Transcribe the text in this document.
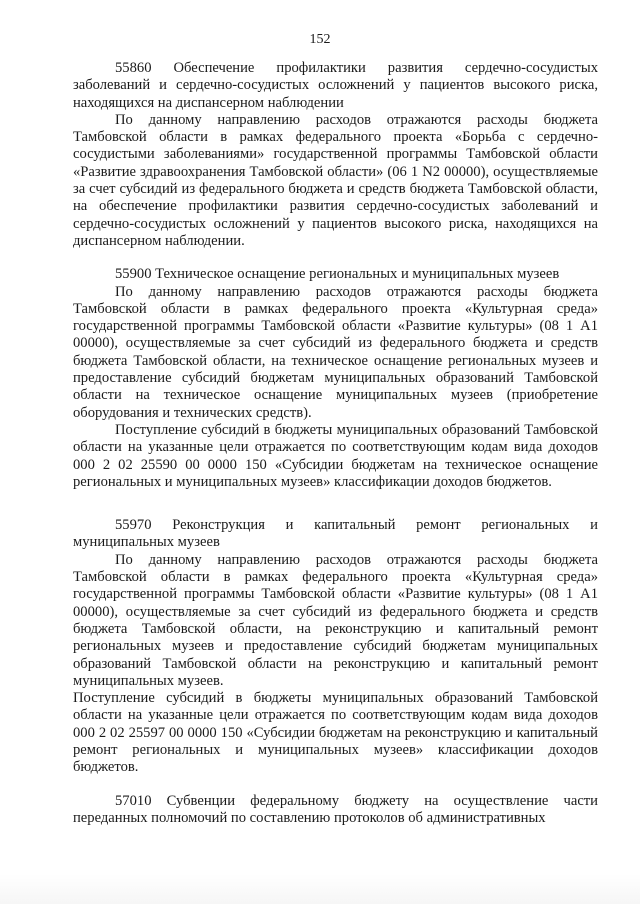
152

55860 Обеспечение профилактики развития сердечно-сосудистых заболеваний и сердечно-сосудистых осложнений у пациентов высокого риска, находящихся на диспансерном наблюдении

По данному направлению расходов отражаются расходы бюджета Тамбовской области в рамках федерального проекта «Борьба с сердечно-сосудистыми заболеваниями» государственной программы Тамбовской области «Развитие здравоохранения Тамбовской области» (06 1 N2 00000), осуществляемые за счет субсидий из федерального бюджета и средств бюджета Тамбовской области, на обеспечение профилактики развития сердечно-сосудистых заболеваний и сердечно-сосудистых осложнений у пациентов высокого риска, находящихся на диспансерном наблюдении.

55900 Техническое оснащение региональных и муниципальных музеев

По данному направлению расходов отражаются расходы бюджета Тамбовской области в рамках федерального проекта «Культурная среда» государственной программы Тамбовской области «Развитие культуры» (08 1 А1 00000), осуществляемые за счет субсидий из федерального бюджета и средств бюджета Тамбовской области, на техническое оснащение региональных музеев и предоставление субсидий бюджетам муниципальных образований Тамбовской области на техническое оснащение муниципальных музеев (приобретение оборудования и технических средств).

Поступление субсидий в бюджеты муниципальных образований Тамбовской области на указанные цели отражается по соответствующим кодам вида доходов 000 2 02 25590 00 0000 150 «Субсидии бюджетам на техническое оснащение региональных и муниципальных музеев» классификации доходов бюджетов.

55970 Реконструкция и капитальный ремонт региональных и муниципальных музеев

По данному направлению расходов отражаются расходы бюджета Тамбовской области в рамках федерального проекта «Культурная среда» государственной программы Тамбовской области «Развитие культуры» (08 1 А1 00000), осуществляемые за счет субсидий из федерального бюджета и средств бюджета Тамбовской области, на реконструкцию и капитальный ремонт региональных музеев и предоставление субсидий бюджетам муниципальных образований Тамбовской области на реконструкцию и капитальный ремонт муниципальных музеев.

Поступление субсидий в бюджеты муниципальных образований Тамбовской области на указанные цели отражается по соответствующим кодам вида доходов 000 2 02 25597 00 0000 150 «Субсидии бюджетам на реконструкцию и капитальный ремонт региональных и муниципальных музеев» классификации доходов бюджетов.

57010 Субвенции федеральному бюджету на осуществление части переданных полномочий по составлению протоколов об административных
